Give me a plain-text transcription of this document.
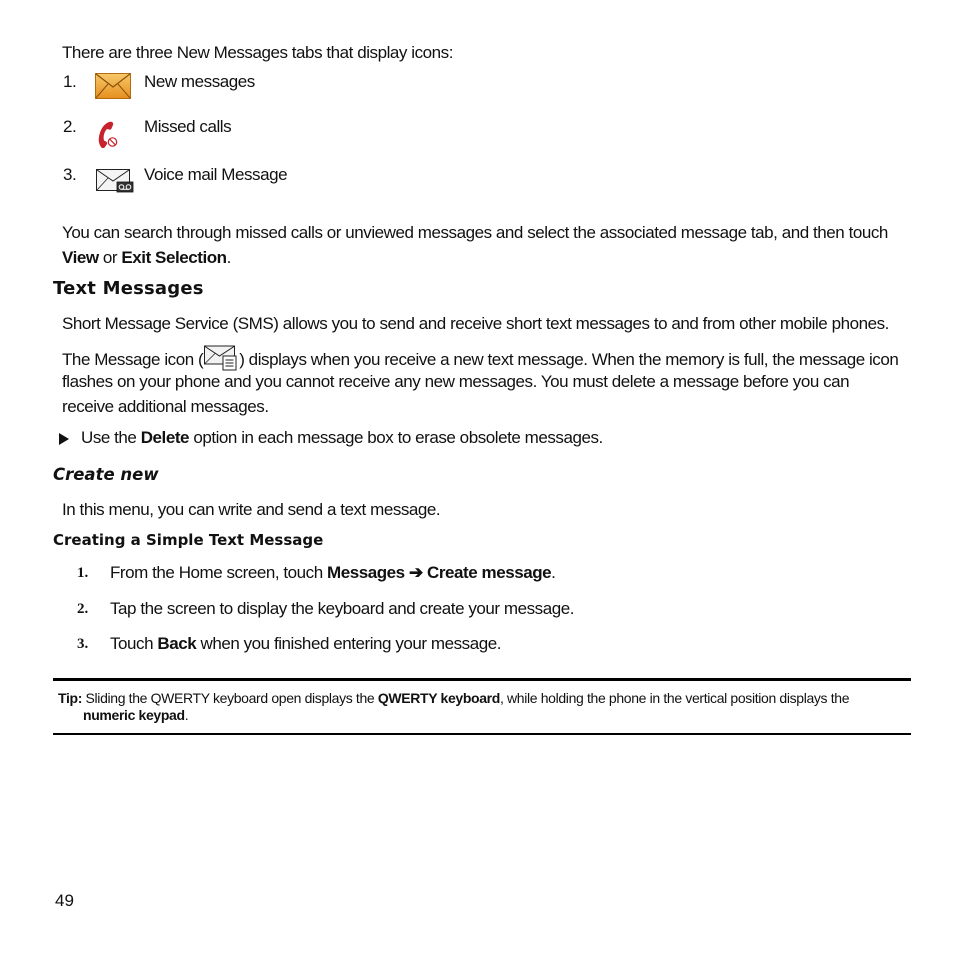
There are three New Messages tabs that display icons:
1.	New messages
2.	Missed calls
3.	Voice mail Message
You can search through missed calls or unviewed messages and select the associated message tab, and then touch
View or Exit Selection.
Text Messages
Short Message Service (SMS) allows you to send and receive short text messages to and from other mobile phones.
The Message icon ( ) displays when you receive a new text message. When the memory is full, the message icon
flashes on your phone and you cannot receive any new messages. You must delete a message before you can
receive additional messages.
Use the Delete option in each message box to erase obsolete messages.
Create new
In this menu, you can write and send a text message.
Creating a Simple Text Message
1. From the Home screen, touch Messages ➔ Create message.
2. Tap the screen to display the keyboard and create your message.
3. Touch Back when you finished entering your message.
Tip: Sliding the QWERTY keyboard open displays the QWERTY keyboard, while holding the phone in the vertical position displays the
numeric keypad.
49
